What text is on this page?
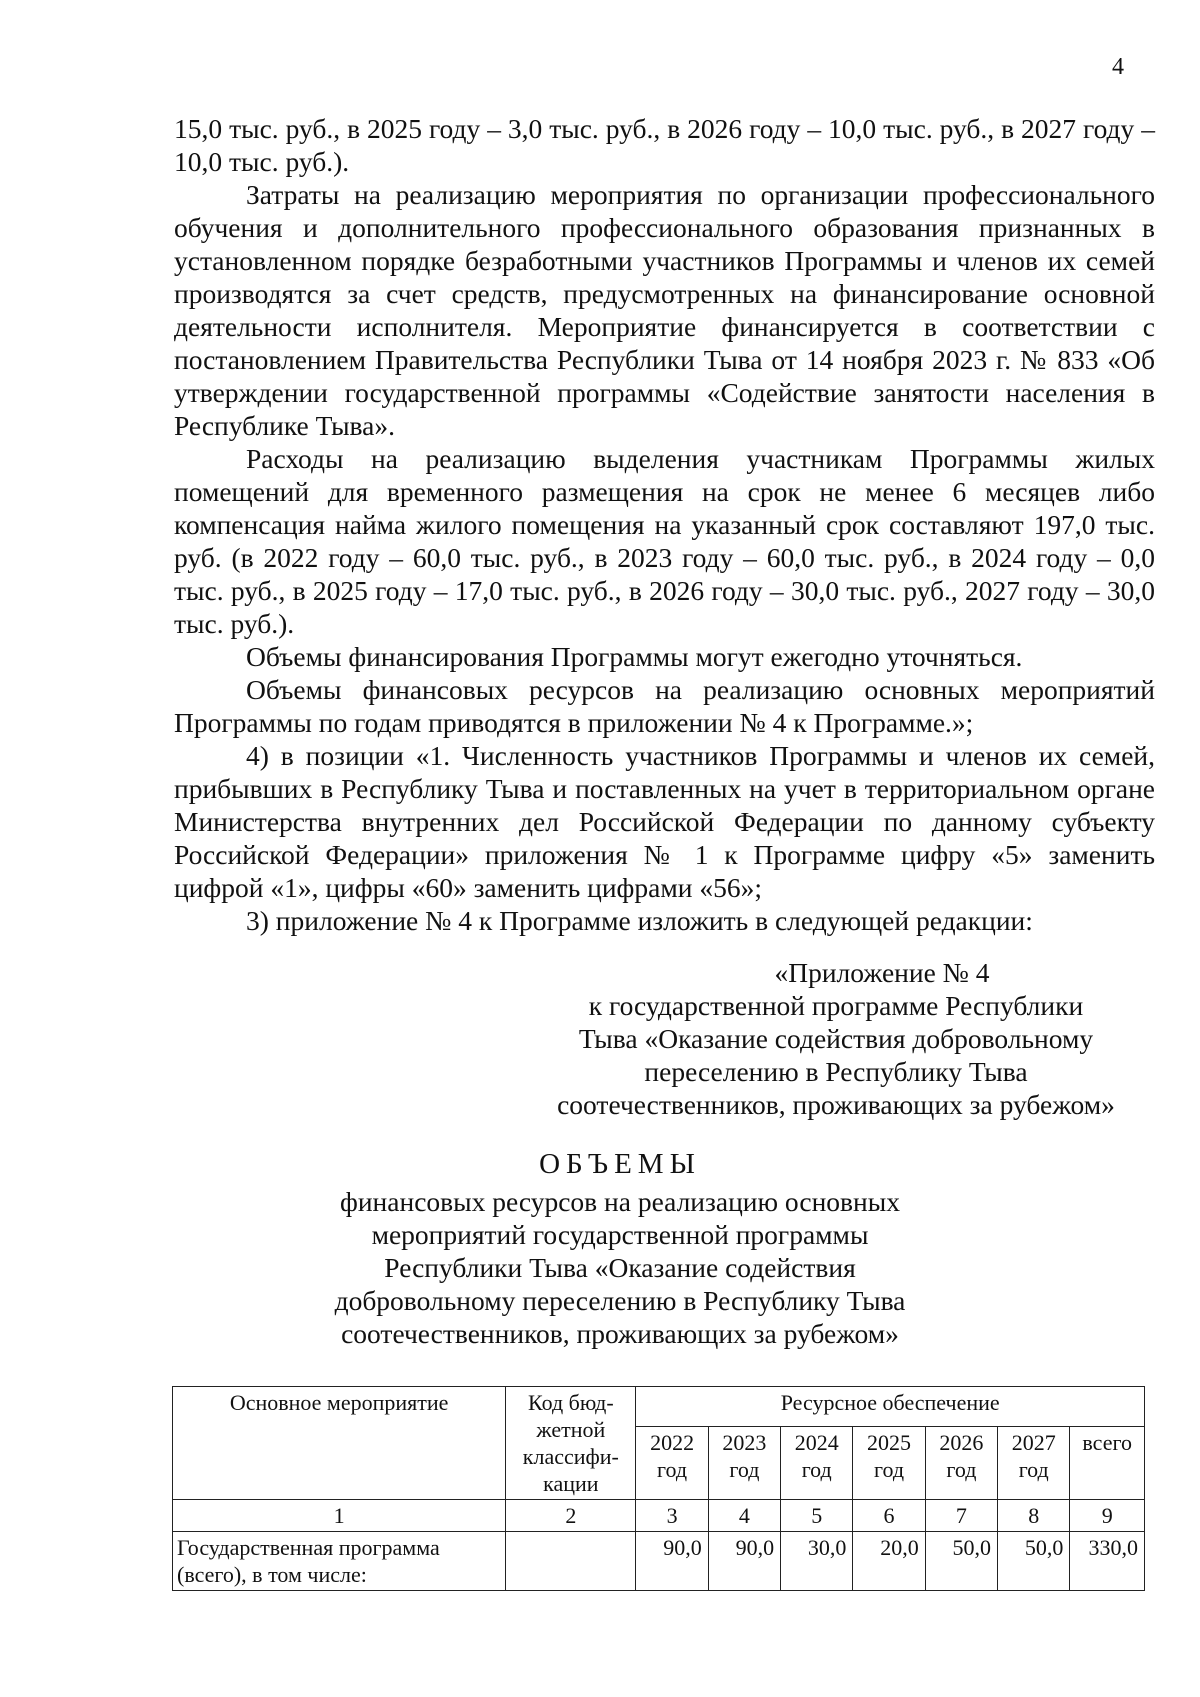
4

15,0 тыс. руб., в 2025 году – 3,0 тыс. руб., в 2026 году – 10,0 тыс. руб., в 2027 году – 10,0 тыс. руб.).

Затраты на реализацию мероприятия по организации профессионального обучения и дополнительного профессионального образования признанных в установленном порядке безработными участников Программы и членов их семей производятся за счет средств, предусмотренных на финансирование основной деятельности исполнителя. Мероприятие финансируется в соответствии с постановлением Правительства Республики Тыва от 14 ноября 2023 г. № 833 «Об утверждении государственной программы «Содействие занятости населения в Республике Тыва».

Расходы на реализацию выделения участникам Программы жилых помещений для временного размещения на срок не менее 6 месяцев либо компенсация найма жилого помещения на указанный срок составляют 197,0 тыс. руб. (в 2022 году – 60,0 тыс. руб., в 2023 году – 60,0 тыс. руб., в 2024 году – 0,0 тыс. руб., в 2025 году – 17,0 тыс. руб., в 2026 году – 30,0 тыс. руб., 2027 году – 30,0 тыс. руб.).

Объемы финансирования Программы могут ежегодно уточняться.

Объемы финансовых ресурсов на реализацию основных мероприятий Программы по годам приводятся в приложении № 4 к Программе.»;

4) в позиции «1. Численность участников Программы и членов их семей, прибывших в Республику Тыва и поставленных на учет в территориальном органе Министерства внутренних дел Российской Федерации по данному субъекту Российской Федерации» приложения № 1 к Программе цифру «5» заменить цифрой «1», цифры «60» заменить цифрами «56»;

3) приложение № 4 к Программе изложить в следующей редакции:

«Приложение № 4
к государственной программе Республики
Тыва «Оказание содействия добровольному
переселению в Республику Тыва
соотечественников, проживающих за рубежом»
ОБЪЕМЫ
финансовых ресурсов на реализацию основных
мероприятий государственной программы
Республики Тыва «Оказание содействия
добровольному переселению в Республику Тыва
соотечественников, проживающих за рубежом»
Основное мероприятие	Код бюд-жетной классифи-кации	Ресурсное обеспечение						
		2022 год	2023 год	2024 год	2025 год	2026 год	2027 год	всего
1	2	3	4	5	6	7	8	9
Государственная программа (всего), в том числе:		90,0	90,0	30,0	20,0	50,0	50,0	330,0
